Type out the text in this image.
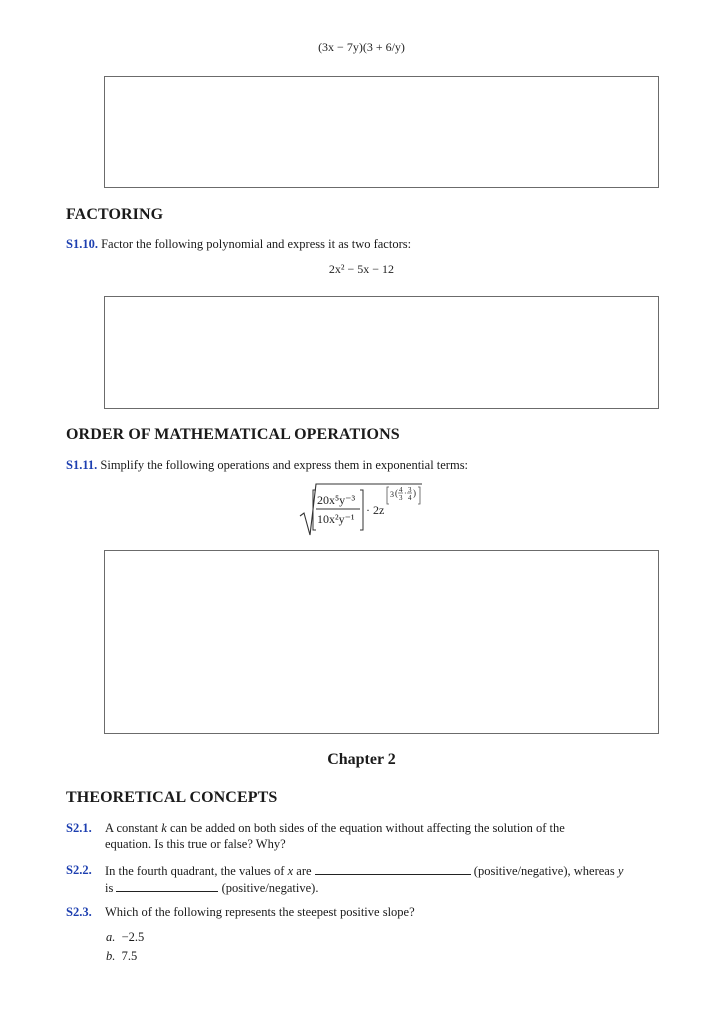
(3x − 7y)(3 + 6/y)
FACTORING
S1.10. Factor the following polynomial and express it as two factors:
2x² − 5x − 12
ORDER OF MATHEMATICAL OPERATIONS
S1.11. Simplify the following operations and express them in exponential terms:
20x⁵y⁻³
10x²y⁻¹
· 2z
3 ( 4
3 · 3
4 )
Chapter 2
THEORETICAL CONCEPTS
S2.1. A constant k can be added on both sides of the equation without affecting the solution of the
equation. Is this true or false? Why?
S2.2. In the fourth quadrant, the values of x are	(positive/negative), whereas y
is	(positive/negative).
S2.3. Which of the following represents the steepest positive slope?
a. −2.5
b. 7.5
